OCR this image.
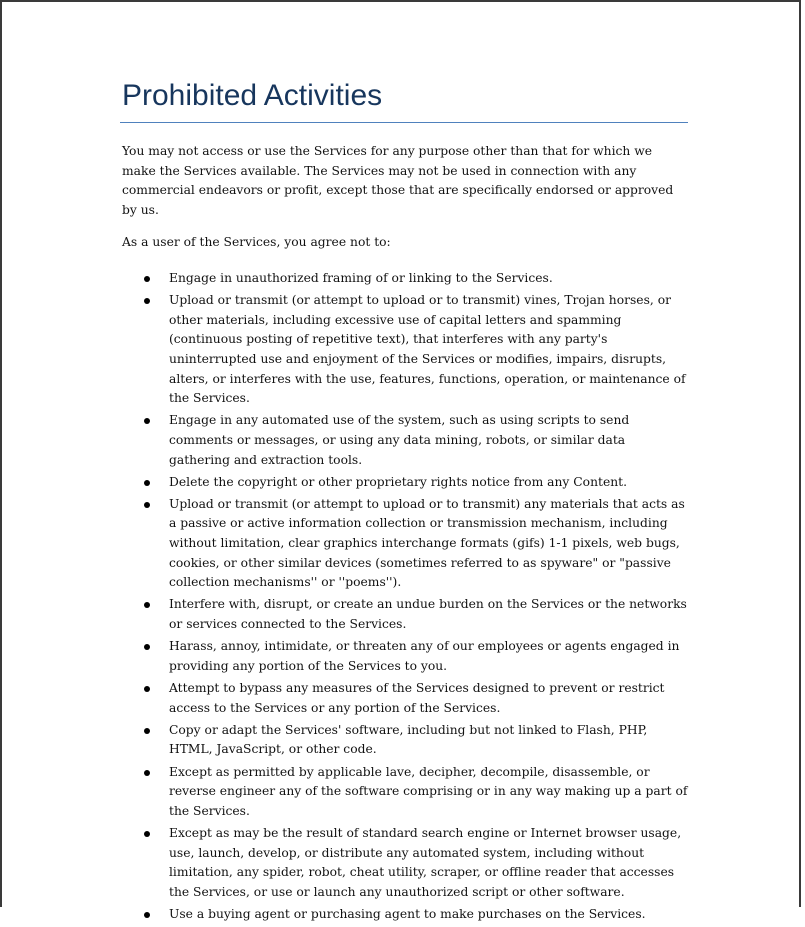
Prohibited Activities

You may not access or use the Services for any purpose other than that for which we make the Services available. The Services may not be used in connection with any commercial endeavors or profit, except those that are specifically endorsed or approved by us.

As a user of the Services, you agree not to:

Engage in unauthorized framing of or linking to the Services.
Upload or transmit (or attempt to upload or to transmit) vines, Trojan horses, or other materials, including excessive use of capital letters and spamming (continuous posting of repetitive text), that interferes with any party's uninterrupted use and enjoyment of the Services or modifies, impairs, disrupts, alters, or interferes with the use, features, functions, operation, or maintenance of the Services.
Engage in any automated use of the system, such as using scripts to send comments or messages, or using any data mining, robots, or similar data gathering and extraction tools.
Delete the copyright or other proprietary rights notice from any Content.
Upload or transmit (or attempt to upload or to transmit) any materials that acts as a passive or active information collection or transmission mechanism, including without limitation, clear graphics interchange formats (gifs) 1-1 pixels, web bugs, cookies, or other similar devices (sometimes referred to as spyware" or "passive collection mechanisms'' or ''poems'').
Interfere with, disrupt, or create an undue burden on the Services or the networks or services connected to the Services.
Harass, annoy, intimidate, or threaten any of our employees or agents engaged in providing any portion of the Services to you.
Attempt to bypass any measures of the Services designed to prevent or restrict access to the Services or any portion of the Services.
Copy or adapt the Services' software, including but not linked to Flash, PHP, HTML, JavaScript, or other code.
Except as permitted by applicable lave, decipher, decompile, disassemble, or reverse engineer any of the software comprising or in any way making up a part of the Services.
Except as may be the result of standard search engine or Internet browser usage, use, launch, develop, or distribute any automated system, including without limitation, any spider, robot, cheat utility, scraper, or offline reader that accesses the Services, or use or launch any unauthorized script or other software.
Use a buying agent or purchasing agent to make purchases on the Services.
